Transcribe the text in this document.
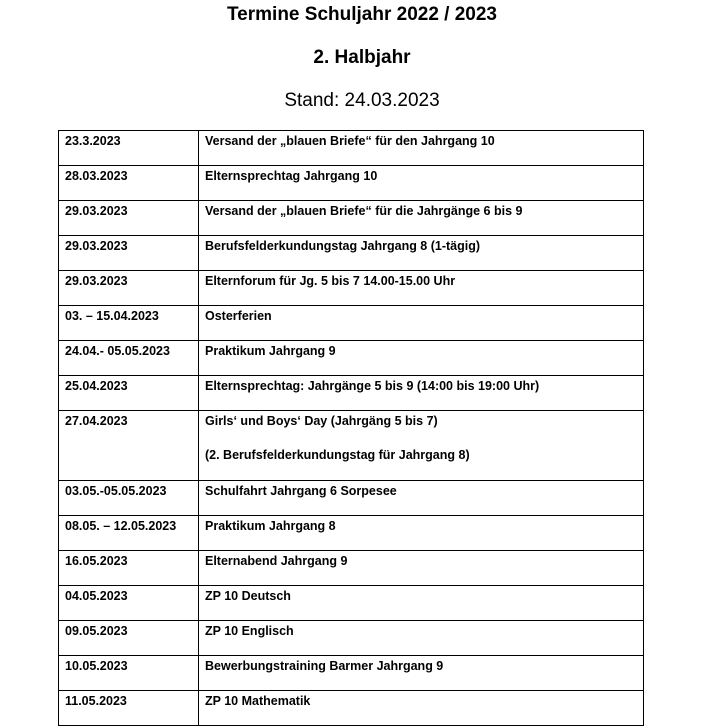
Termine Schuljahr 2022 / 2023
2. Halbjahr
Stand: 24.03.2023
23.3.2023	Versand der „blauen Briefe“ für den Jahrgang 10
28.03.2023	Elternsprechtag Jahrgang 10
29.03.2023	Versand der „blauen Briefe“ für die Jahrgänge 6 bis 9
29.03.2023	Berufsfelderkundungstag Jahrgang 8 (1-tägig)
29.03.2023	Elternforum für Jg. 5 bis 7 14.00-15.00 Uhr
03. – 15.04.2023	Osterferien
24.04.- 05.05.2023	Praktikum Jahrgang 9
25.04.2023	Elternsprechtag: Jahrgänge 5 bis 9 (14:00 bis 19:00 Uhr)
27.04.2023	Girls‘ und Boys‘ Day (Jahrgäng 5 bis 7)
(2. Berufsfelderkundungstag für Jahrgang 8)

03.05.-05.05.2023	Schulfahrt Jahrgang 6 Sorpesee
08.05. – 12.05.2023	Praktikum Jahrgang 8
16.05.2023	Elternabend Jahrgang 9
04.05.2023	ZP 10 Deutsch
09.05.2023	ZP 10 Englisch
10.05.2023	Bewerbungstraining Barmer Jahrgang 9
11.05.2023	ZP 10 Mathematik
